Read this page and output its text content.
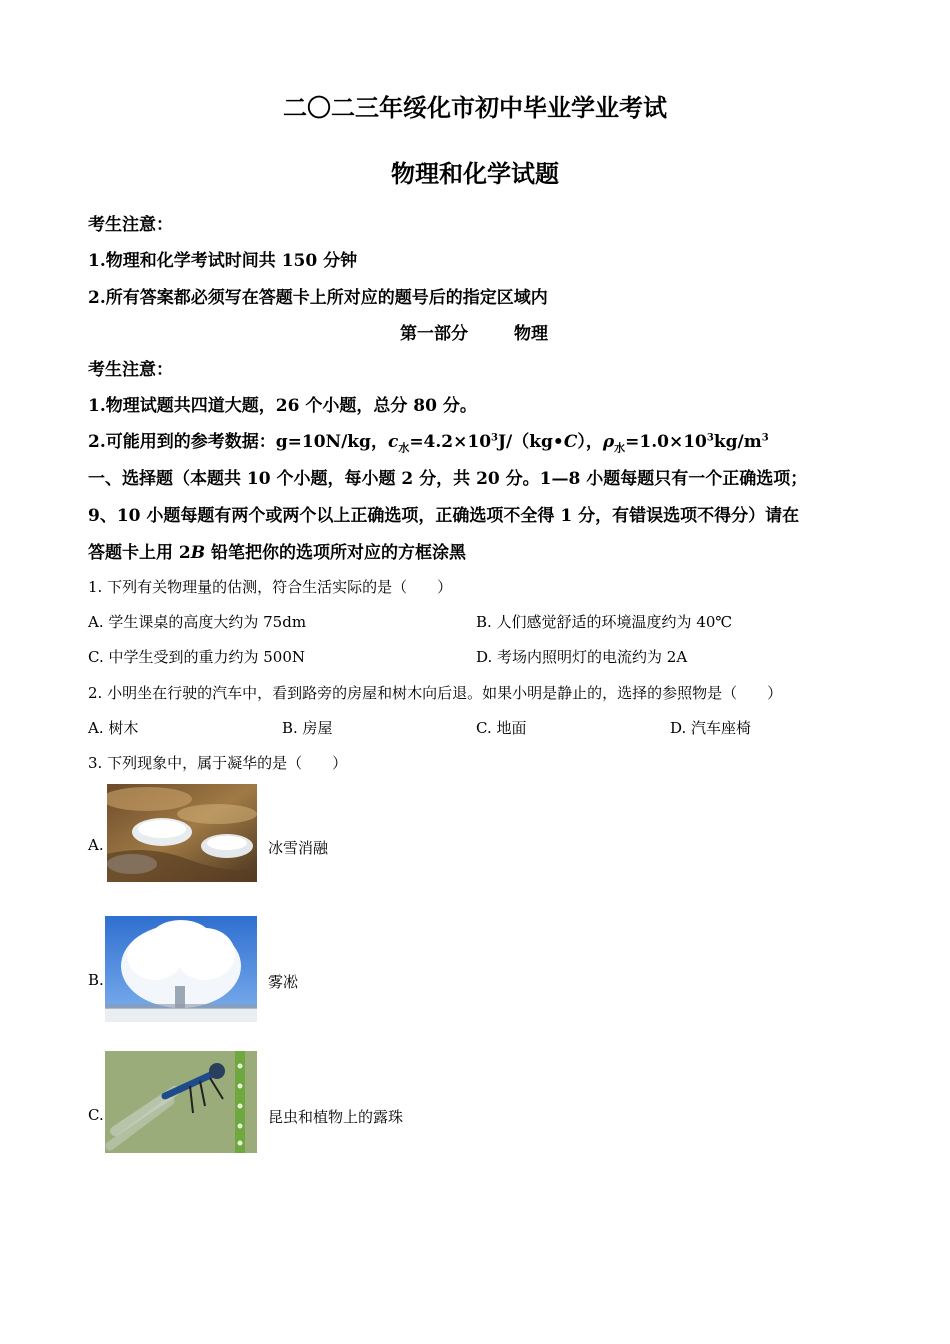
二〇二三年绥化市初中毕业学业考试
物理和化学试题
考生注意：
1.物理和化学考试时间共 150 分钟
2.所有答案都必须写在答题卡上所对应的题号后的指定区域内
第一部分	物理
考生注意：
1.物理试题共四道大题，26 个小题，总分 80 分。
2.可能用到的参考数据：g=10N/kg，$c_水=4.2\times 10^3J/(kg•C)$，$\rho_水=1.0\times 10^3kg/m^3$
一、选择题（本题共 10 个小题，每小题 2 分，共 20 分。1—8 小题每题只有一个正确选项；
9、10 小题每题有两个或两个以上正确选项，正确选项不全得 1 分，有错误选项不得分）请在
答题卡上用 2B 铅笔把你的选项所对应的方框涂黑
1. 下列有关物理量的估测，符合生活实际的是（　　）
A. 学生课桌的高度大约为 75dm	B. 人们感觉舒适的环境温度约为 40℃
C. 中学生受到的重力约为 500N	D. 考场内照明灯的电流约为 2A
2. 小明坐在行驶的汽车中，看到路旁的房屋和树木向后退。如果小明是静止的，选择的参照物是（　　）
A. 树木	B. 房屋	C. 地面	D. 汽车座椅
3. 下列现象中，属于凝华的是（　　）
A.	冰雪消融
B.	雾凇
C.	昆虫和植物上的露珠
